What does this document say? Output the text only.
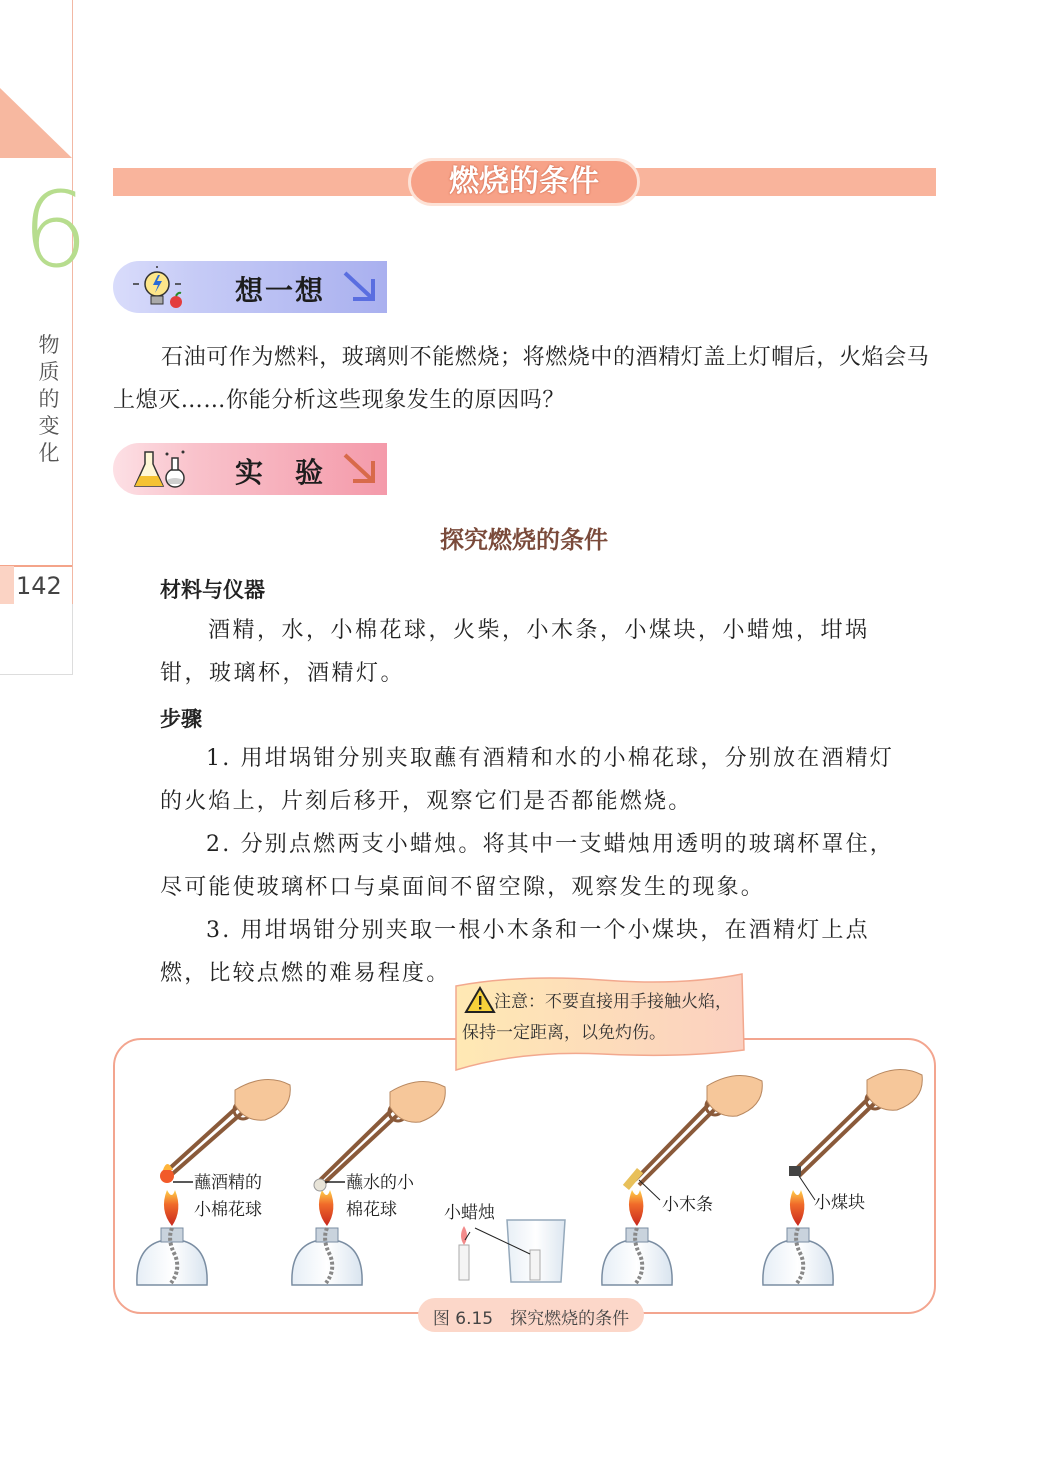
6
物质的变化
142
燃烧的条件
想一想
石油可作为燃料，玻璃则不能燃烧；将燃烧中的酒精灯盖上灯帽后，火焰会马上熄灭……你能分析这些现象发生的原因吗？
实　验
探究燃烧的条件
材料与仪器
酒精，水，小棉花球，火柴，小木条，小煤块，小蜡烛，坩埚钳，玻璃杯，酒精灯。
步骤

1. 用坩埚钳分别夹取蘸有酒精和水的小棉花球，分别放在酒精灯的火焰上，片刻后移开，观察它们是否都能燃烧。

2. 分别点燃两支小蜡烛。将其中一支蜡烛用透明的玻璃杯罩住，尽可能使玻璃杯口与桌面间不留空隙，观察发生的现象。

3. 用坩埚钳分别夹取一根小木条和一个小煤块，在酒精灯上点燃，比较点燃的难易程度。

蘸酒精的
小棉花球
蘸水的小
棉花球	小蜡烛	小木条	小煤块
注意：不要直接用手接触火焰，
保持一定距离，以免灼伤。
图 6.15　探究燃烧的条件
